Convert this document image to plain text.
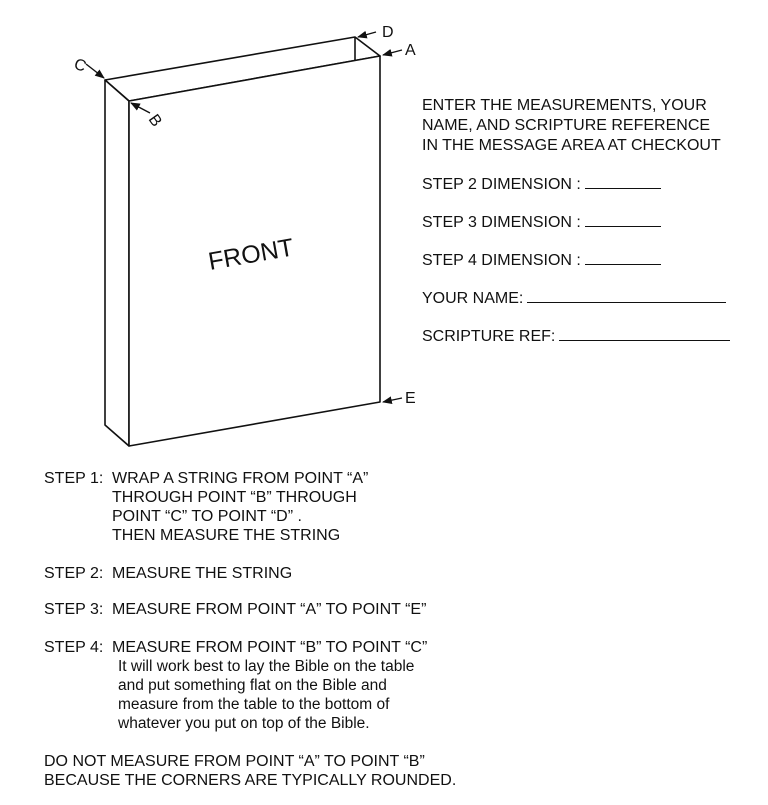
FRONT
D
A
C
B
E
ENTER THE MEASUREMENTS, YOUR
NAME, AND SCRIPTURE REFERENCE
IN THE MESSAGE AREA AT CHECKOUT
STEP 2 DIMENSION :
STEP 3 DIMENSION :
STEP 4 DIMENSION :
YOUR NAME:
SCRIPTURE REF:
STEP 1: WRAP A STRING FROM POINT “A”
THROUGH POINT “B” THROUGH
POINT “C” TO POINT “D” .
THEN MEASURE THE STRING
STEP 2: MEASURE THE STRING
STEP 3: MEASURE FROM POINT “A” TO POINT “E”
STEP 4: MEASURE FROM POINT “B” TO POINT “C”
It will work best to lay the Bible on the table
and put something flat on the Bible and
measure from the table to the bottom of
whatever you put on top of the Bible.
DO NOT MEASURE FROM POINT “A” TO POINT “B”
BECAUSE THE CORNERS ARE TYPICALLY ROUNDED.
